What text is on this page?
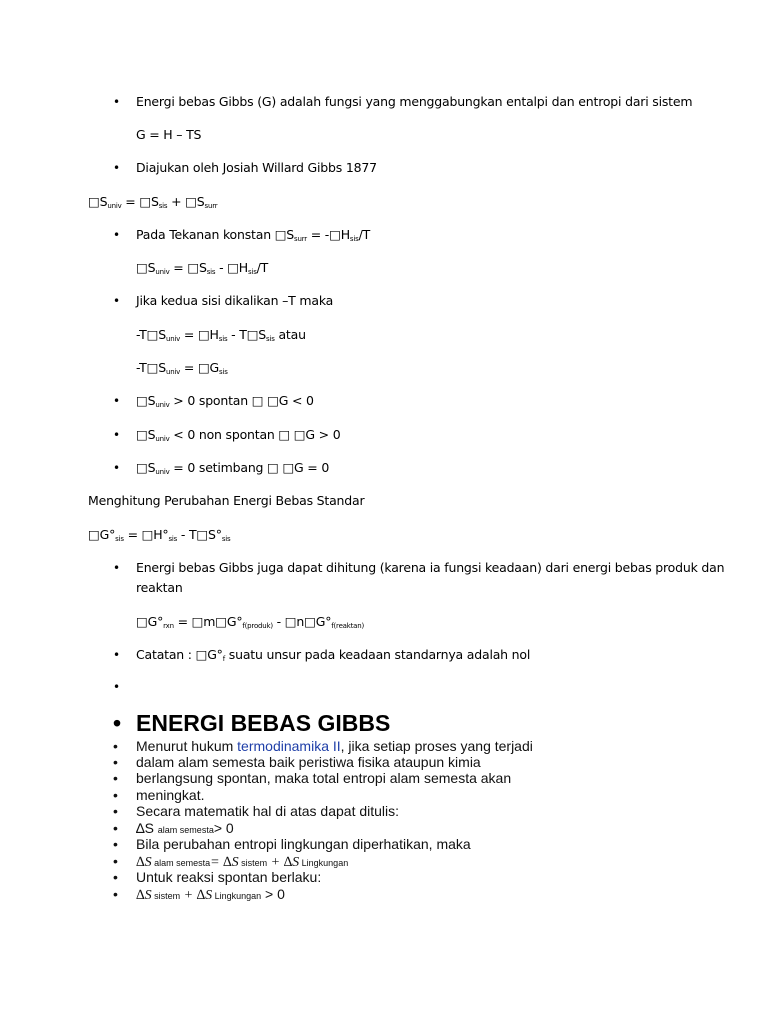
• Energi bebas Gibbs (G) adalah fungsi yang menggabungkan entalpi dan entropi dari sistem
G = H – TS
• Diajukan oleh Josiah Willard Gibbs 1877
$□S_{univ}$ = $□S_{sis}$ + $□S_{surr}$
• Pada Tekanan konstan $□S_{surr}$ = $-□H_{sis}/T$
$□S_{univ}$ = $□S_{sis}$ - $□H_{sis}/T$
• Jika kedua sisi dikalikan –T maka
$-T□S_{univ}$ = $□H_{sis}$ - $T□S_{sis}$ atau
$-T□S_{univ}$ = $□G_{sis}$
• $□S_{univ} > 0$ spontan □ □G < 0
• $□S_{univ} < 0$ non spontan □ □G > 0
• $□S_{univ} = 0$ setimbang □ □G = 0
Menghitung Perubahan Energi Bebas Standar
$□G^\circ_{sis}$ = $□H^\circ_{sis}$ - $T□S^\circ_{sis}$
• Energi bebas Gibbs juga dapat dihitung (karena ia fungsi keadaan) dari energi bebas produk dan
reaktan
$□G^\circ_{rxn}$ = $□m□G^\circ_{f(produk)}$ - $□n□G^\circ_{f(reaktan)}$
• Catatan : $□G^\circ_f$ suatu unsur pada keadaan standarnya adalah nol
•
• ENERGI BEBAS GIBBS
• Menurut hukum termodinamika II, jika setiap proses yang terjadi
• dalam alam semesta baik peristiwa fisika ataupun kimia
• berlangsung spontan, maka total entropi alam semesta akan
• meningkat.
• Secara matematik hal di atas dapat ditulis:
• ∆S alam semesta> 0
• Bila perubahan entropi lingkungan diperhatikan, maka
• ∆S alam semesta= ∆S sistem + ∆S Lingkungan
• Untuk reaksi spontan berlaku:
• ∆S sistem + ∆S Lingkungan > 0
